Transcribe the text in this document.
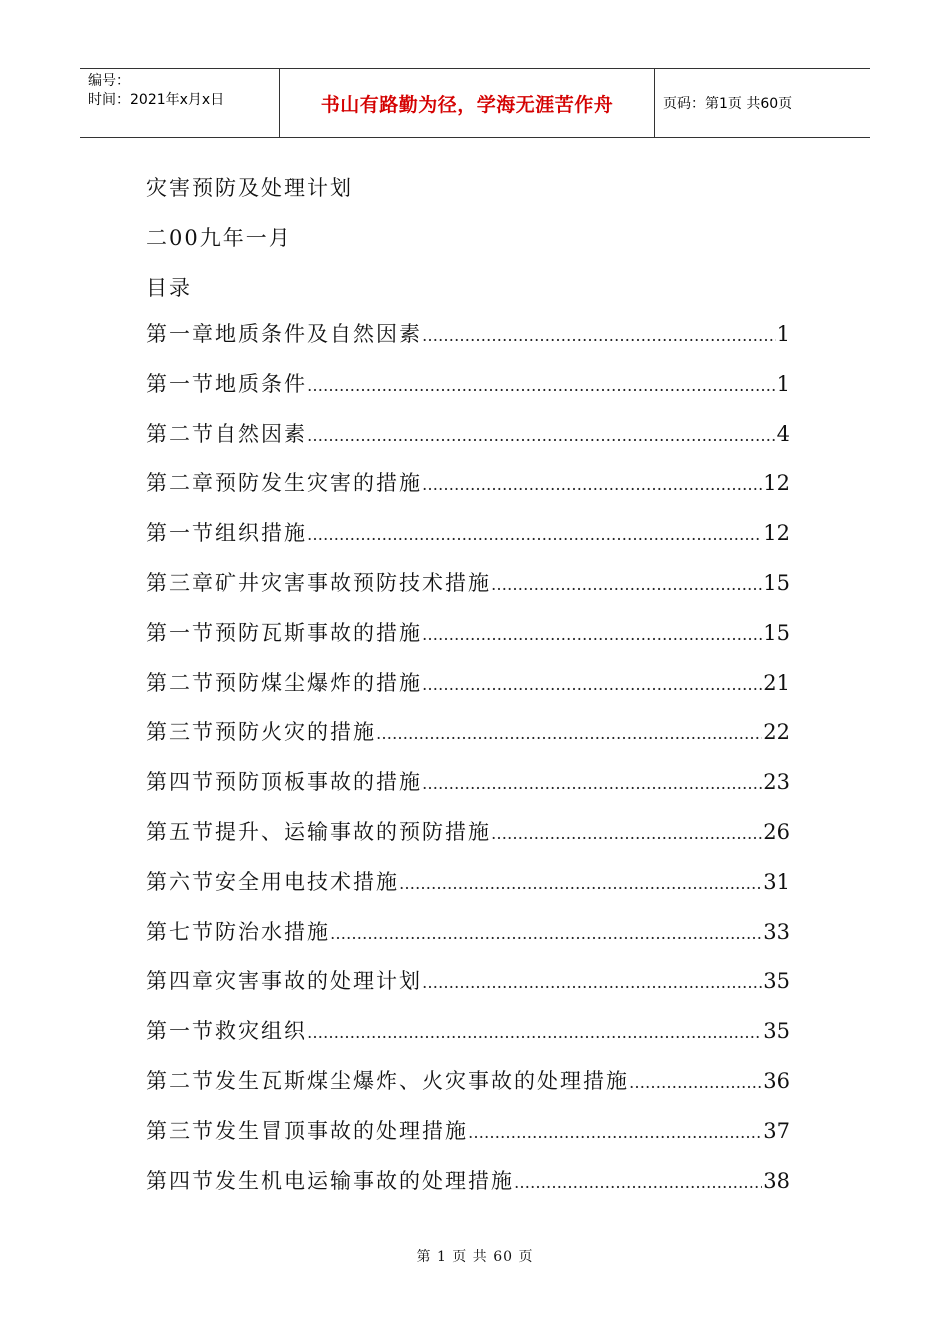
编号：
时间：2021年x月x日	书山有路勤为径，学海无涯苦作舟	页码：第1页 共60页
灾害预防及处理计划
二00九年一月
目录
第一章地质条件及自然因素 ……………………………………………………………………………………………………………………………………………………	1
第一节地质条件 ……………………………………………………………………………………………………………………………………………………	1
第二节自然因素 ……………………………………………………………………………………………………………………………………………………	4
第二章预防发生灾害的措施 ……………………………………………………………………………………………………………………………………………………	12
第一节组织措施 ……………………………………………………………………………………………………………………………………………………	12
第三章矿井灾害事故预防技术措施 ……………………………………………………………………………………………………………………………………………………	15
第一节预防瓦斯事故的措施 ……………………………………………………………………………………………………………………………………………………	15
第二节预防煤尘爆炸的措施 ……………………………………………………………………………………………………………………………………………………	21
第三节预防火灾的措施 ……………………………………………………………………………………………………………………………………………………	22
第四节预防顶板事故的措施 ……………………………………………………………………………………………………………………………………………………	23
第五节提升、运输事故的预防措施 ……………………………………………………………………………………………………………………………………………………	26
第六节安全用电技术措施 ……………………………………………………………………………………………………………………………………………………	31
第七节防治水措施 ……………………………………………………………………………………………………………………………………………………	33
第四章灾害事故的处理计划 ……………………………………………………………………………………………………………………………………………………	35
第一节救灾组织 ……………………………………………………………………………………………………………………………………………………	35
第二节发生瓦斯煤尘爆炸、火灾事故的处理措施 ……………………………………………………………………………………………………………………………………………………	36
第三节发生冒顶事故的处理措施 ……………………………………………………………………………………………………………………………………………………	37
第四节发生机电运输事故的处理措施 ……………………………………………………………………………………………………………………………………………………	38
第 1 页 共 60 页
